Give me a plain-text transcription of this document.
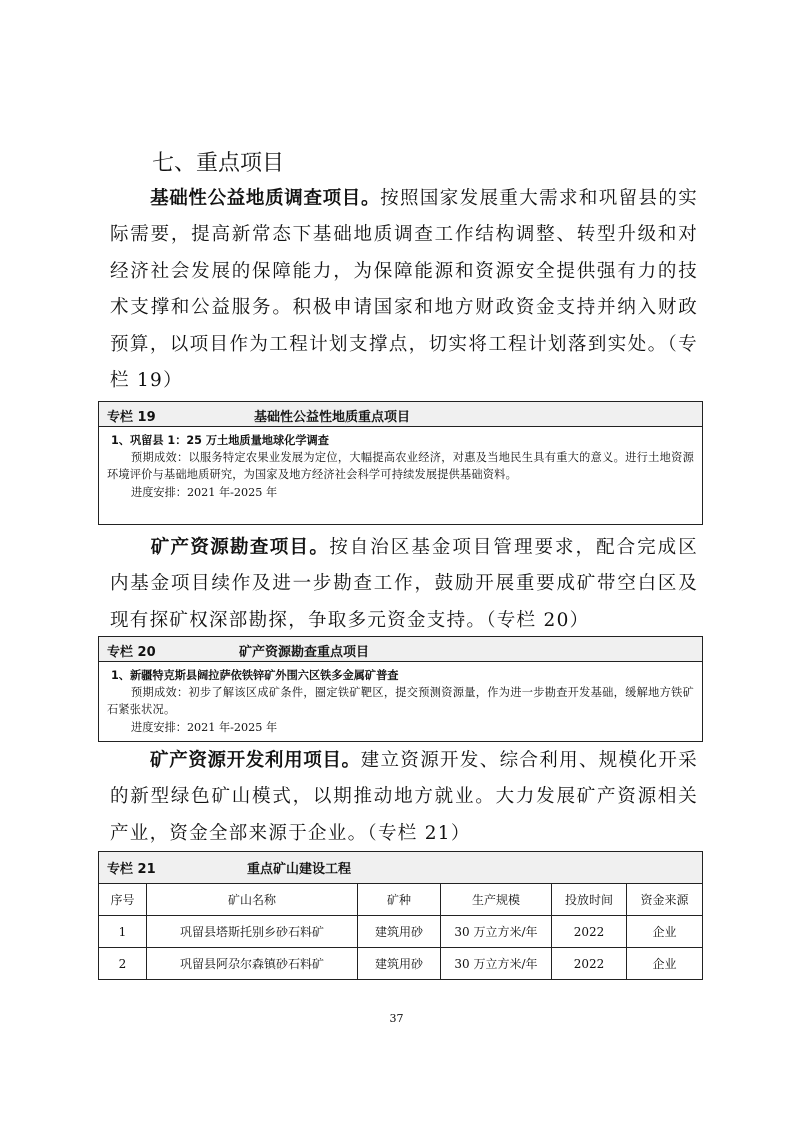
七、重点项目
基础性公益地质调查项目。按照国家发展重大需求和巩留县的实际需要，提高新常态下基础地质调查工作结构调整、转型升级和对经济社会发展的保障能力，为保障能源和资源安全提供强有力的技术支撑和公益服务。积极申请国家和地方财政资金支持并纳入财政预算，以项目作为工程计划支撑点，切实将工程计划落到实处。（专栏 19）
专栏 19	基础性公益性地质重点项目
1、巩留县 1：25 万土地质量地球化学调查
预期成效：以服务特定农果业发展为定位，大幅提高农业经济，对惠及当地民生具有重大的意义。进行土地资源环境评价与基础地质研究，为国家及地方经济社会科学可持续发展提供基础资料。
进度安排：2021 年-2025 年
矿产资源勘查项目。按自治区基金项目管理要求，配合完成区内基金项目续作及进一步勘查工作，鼓励开展重要成矿带空白区及现有探矿权深部勘探，争取多元资金支持。（专栏 20）
专栏 20	矿产资源勘查重点项目
1、新疆特克斯县阔拉萨依铁锌矿外围六区铁多金属矿普查
预期成效：初步了解该区成矿条件，圈定铁矿靶区，提交预测资源量，作为进一步勘查开发基础，缓解地方铁矿石紧张状况。
进度安排：2021 年-2025 年
矿产资源开发利用项目。建立资源开发、综合利用、规模化开采的新型绿色矿山模式，以期推动地方就业。大力发展矿产资源相关产业，资金全部来源于企业。（专栏 21）
专栏 21 重点矿山建设工程					
序号	矿山名称	矿种	生产规模	投放时间	资金来源
1	巩留县塔斯托别乡砂石料矿	建筑用砂	30 万立方米/年	2022	企业
2	巩留县阿尕尔森镇砂石料矿	建筑用砂	30 万立方米/年	2022	企业
37
